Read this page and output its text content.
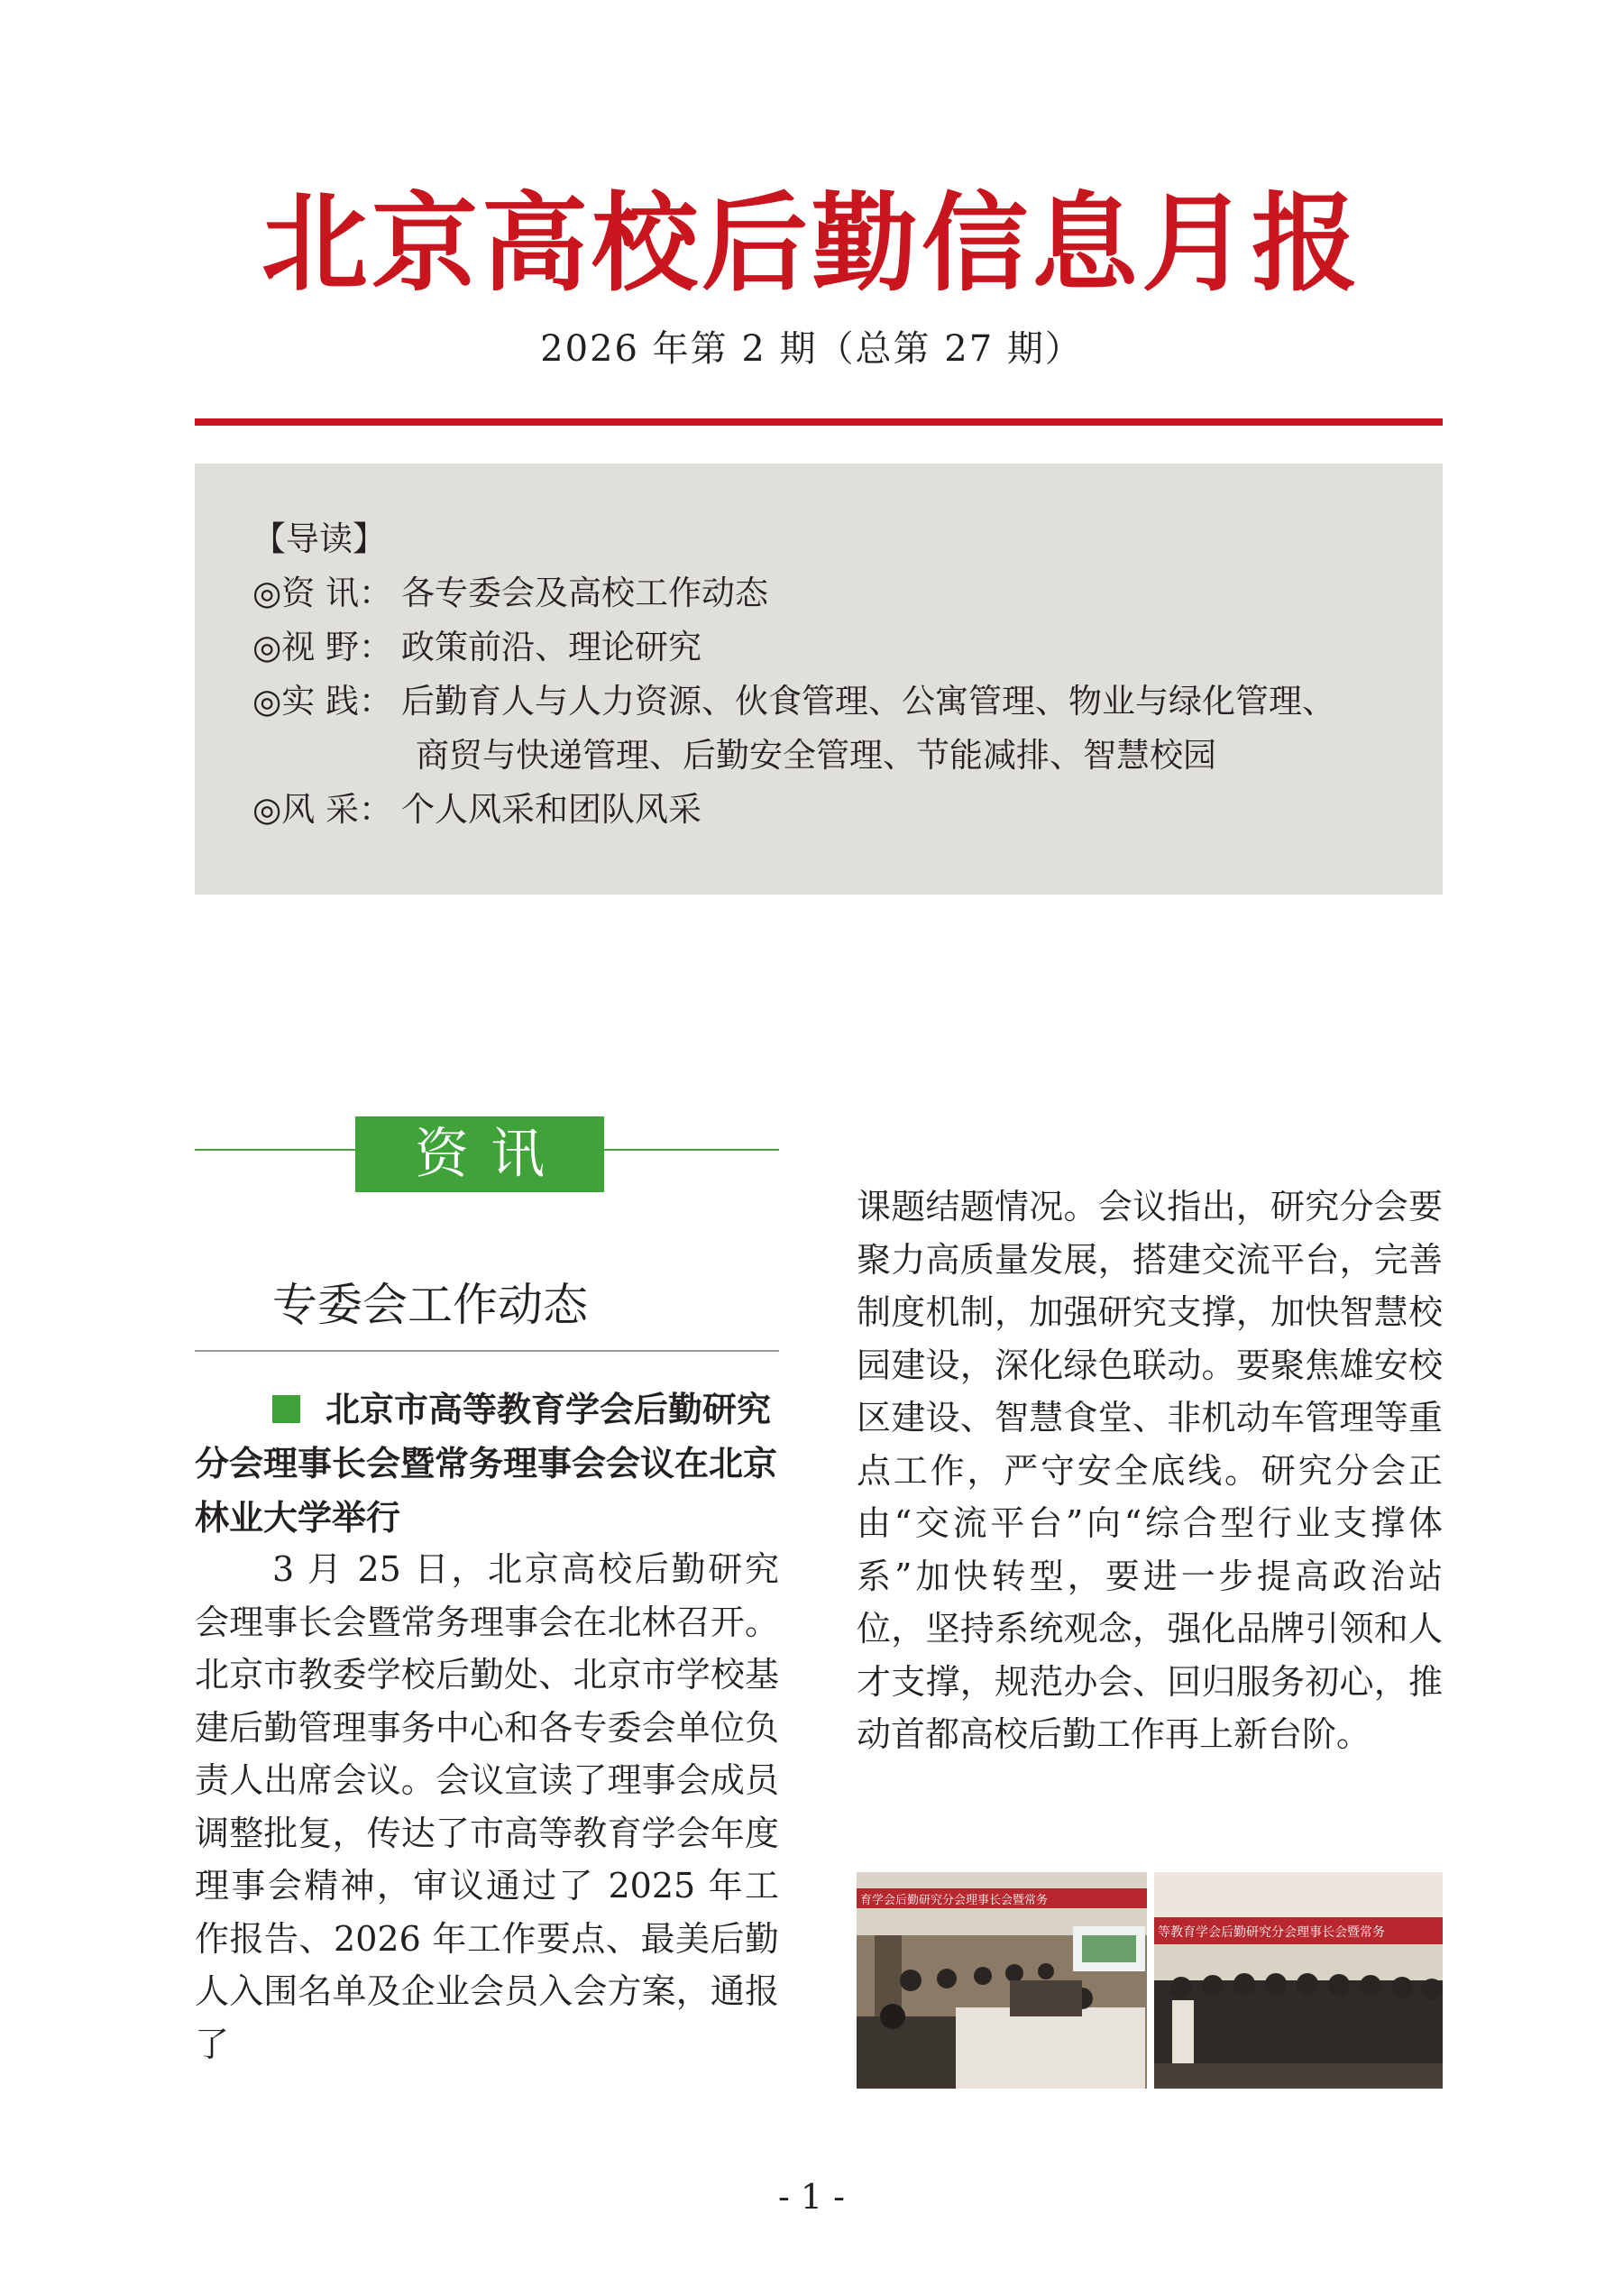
北京高校后勤信息月报
2026 年第 2 期（总第 27 期）
【导读】
◎资 讯： 各专委会及高校工作动态
◎视 野： 政策前沿、理论研究
◎实 践： 后勤育人与人力资源、伙食管理、公寓管理、物业与绿化管理、
商贸与快递管理、后勤安全管理、节能减排、智慧校园
◎风 采： 个人风采和团队风采
资讯
专委会工作动态
北京市高等教育学会后勤研究分会理事长会暨常务理事会会议在北京林业大学举行
3 月 25 日，北京高校后勤研究会理事长会暨常务理事会在北林召开。北京市教委学校后勤处、北京市学校基建后勤管理事务中心和各专委会单位负责人出席会议。会议宣读了理事会成员调整批复，传达了市高等教育学会年度理事会精神，审议通过了 2025 年工作报告、2026 年工作要点、最美后勤人入围名单及企业会员入会方案，通报了
课题结题情况。会议指出，研究分会要聚力高质量发展，搭建交流平台，完善制度机制，加强研究支撑，加快智慧校园建设，深化绿色联动。要聚焦雄安校区建设、智慧食堂、非机动车管理等重点工作，严守安全底线。研究分会正由“交流平台”向“综合型行业支撑体系”加快转型，要进一步提高政治站位，坚持系统观念，强化品牌引领和人才支撑，规范办会、回归服务初心，推动首都高校后勤工作再上新台阶。
育学会后勤研究分会理事长会暨常务
等教育学会后勤研究分会理事长会暨常务
- 1 -
